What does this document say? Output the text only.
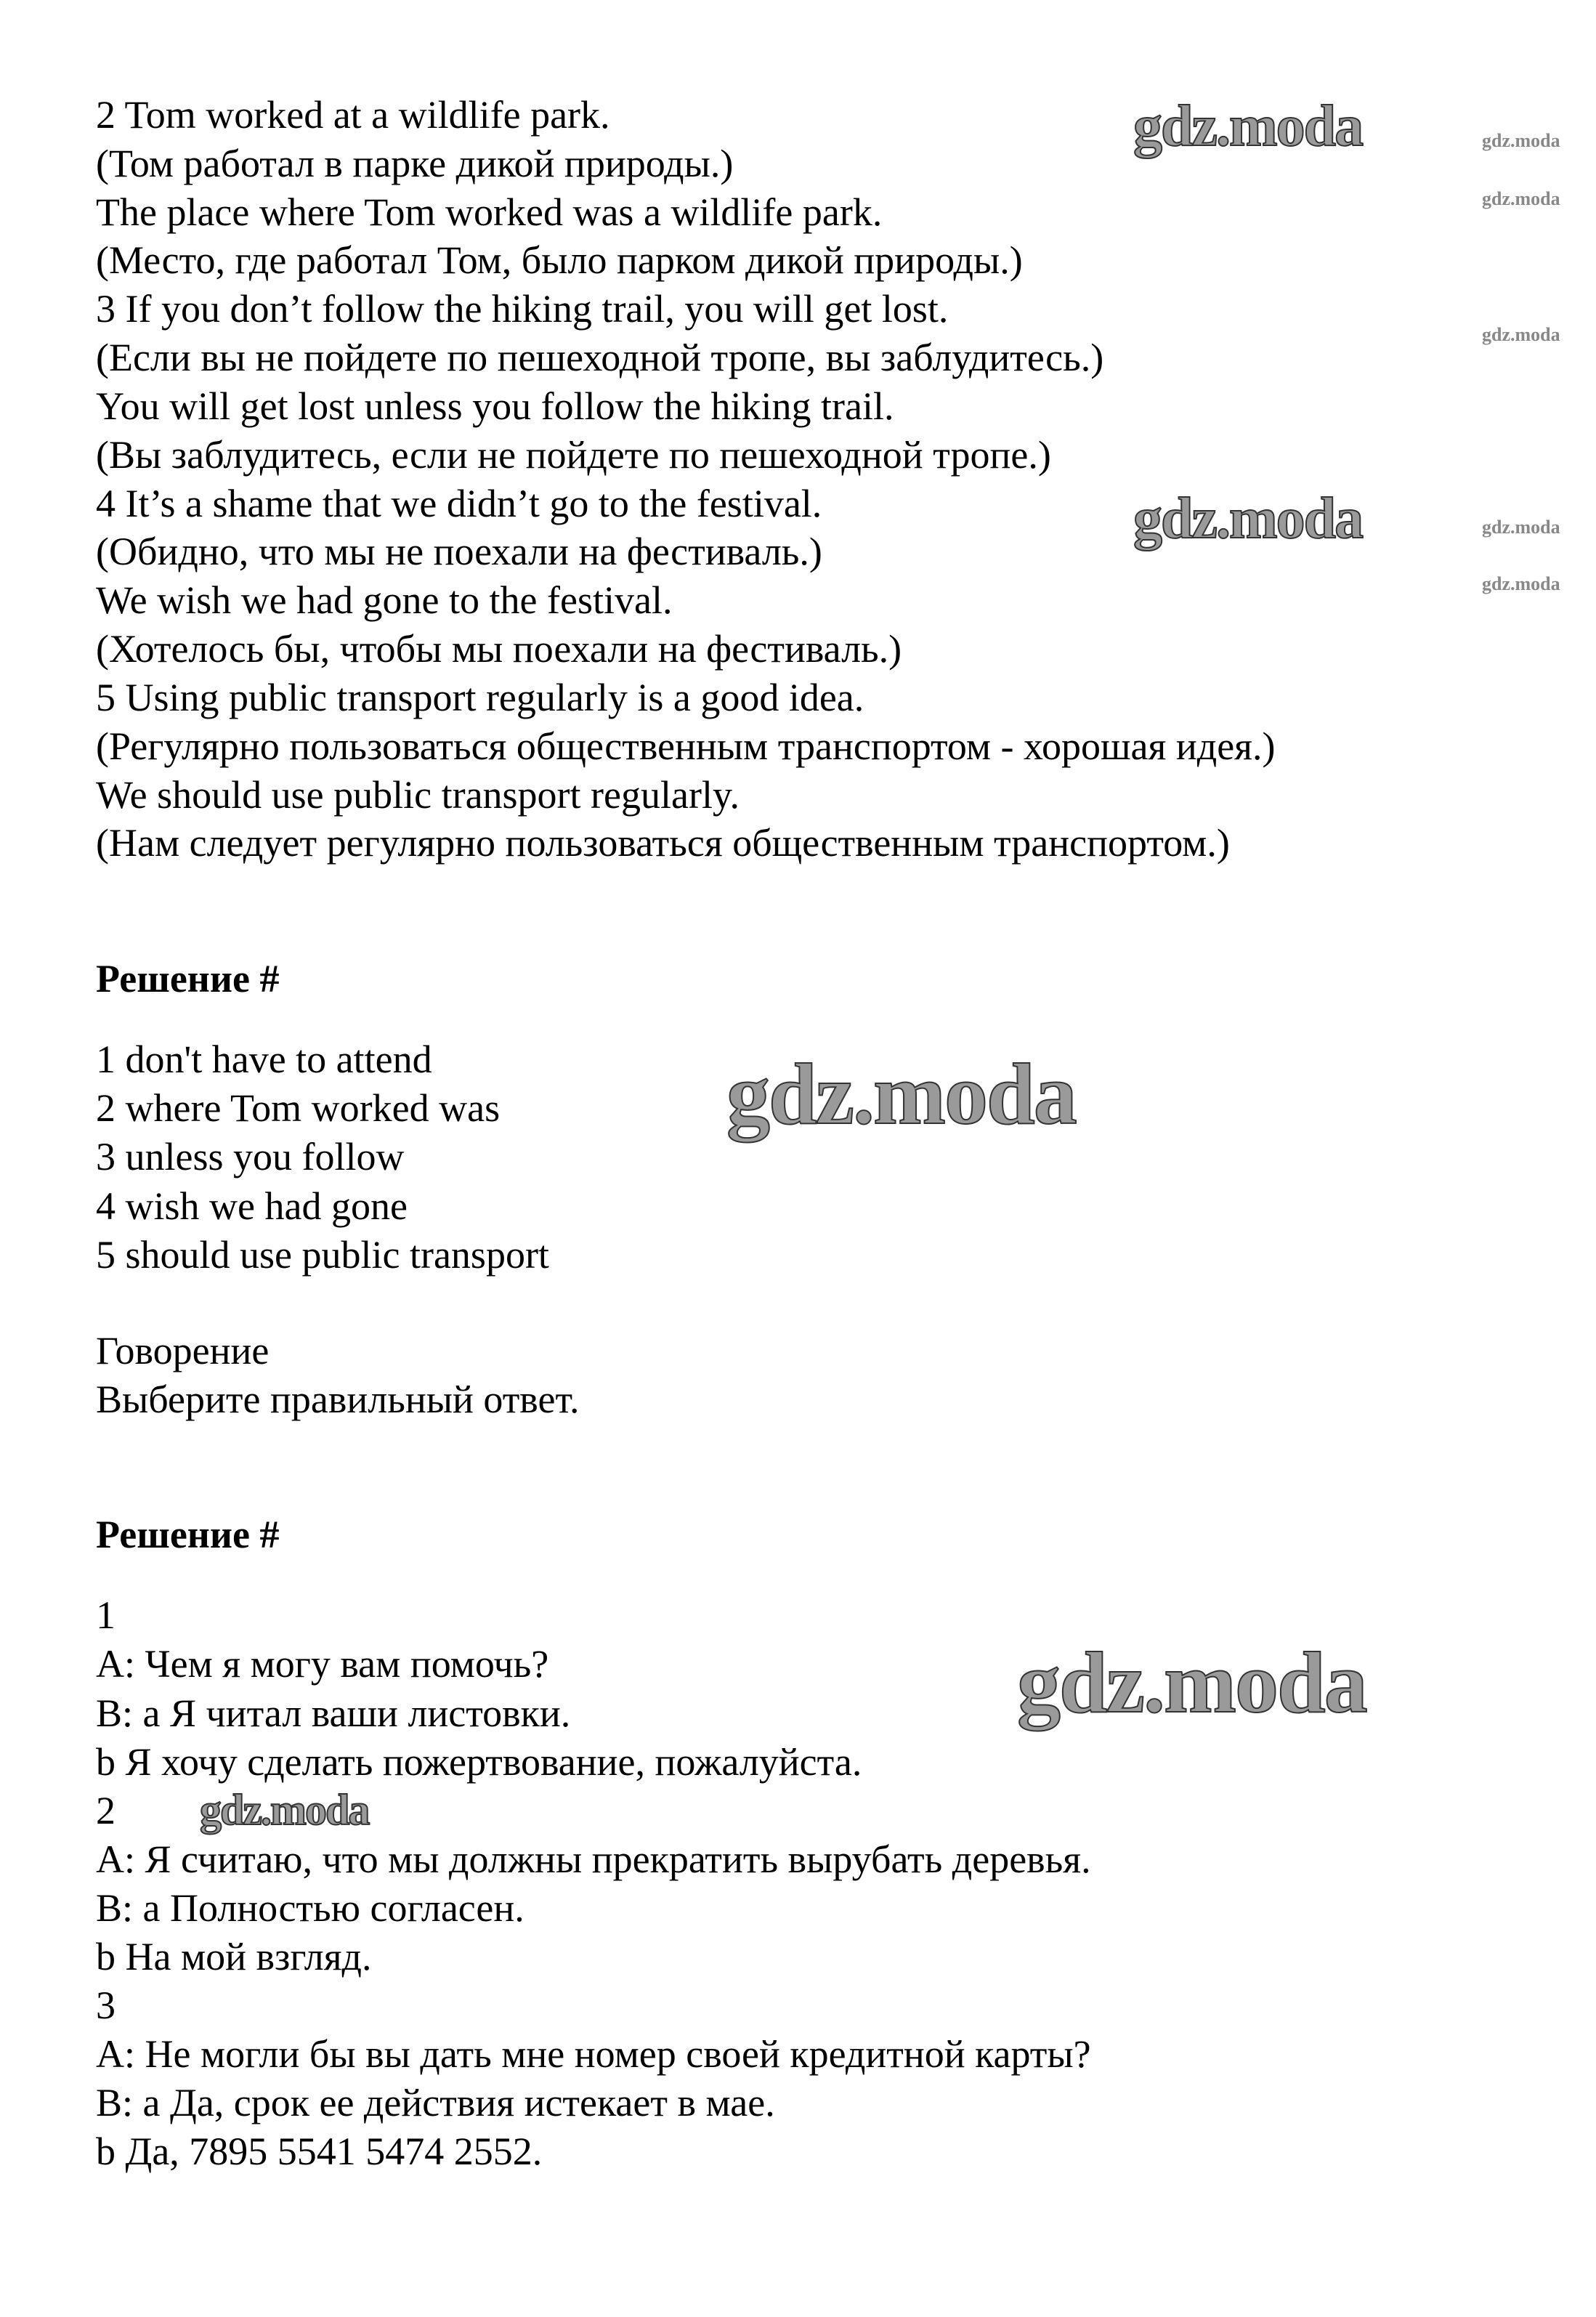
2 Tom worked at a wildlife park.
(Том работал в парке дикой природы.)
The place where Tom worked was a wildlife park.
(Место, где работал Том, было парком дикой природы.)
3 If you don’t follow the hiking trail, you will get lost.
(Если вы не пойдете по пешеходной тропе, вы заблудитесь.)
You will get lost unless you follow the hiking trail.
(Вы заблудитесь, если не пойдете по пешеходной тропе.)
4 It’s a shame that we didn’t go to the festival.
(Обидно, что мы не поехали на фестиваль.)
We wish we had gone to the festival.
(Хотелось бы, чтобы мы поехали на фестиваль.)
5 Using public transport regularly is a good idea.
(Регулярно пользоваться общественным транспортом - хорошая идея.)
We should use public transport regularly.
(Нам следует регулярно пользоваться общественным транспортом.)
Решение #
1 don't have to attend
2 where Tom worked was
3 unless you follow
4 wish we had gone
5 should use public transport
Говорение
Выберите правильный ответ.
Решение #
1
A: Чем я могу вам помочь?
B: a Я читал ваши листовки.
b Я хочу сделать пожертвование, пожалуйста.
2
A: Я считаю, что мы должны прекратить вырубать деревья.
B: a Полностью согласен.
b На мой взгляд.
3
A: Не могли бы вы дать мне номер своей кредитной карты?
B: a Да, срок ее действия истекает в мае.
b Да, 7895 5541 5474 2552.
gdz.moda
gdz.moda
gdz.moda
gdz.moda
gdz.moda
gdz.moda
gdz.moda
gdz.moda
gdz.moda
gdz.moda
